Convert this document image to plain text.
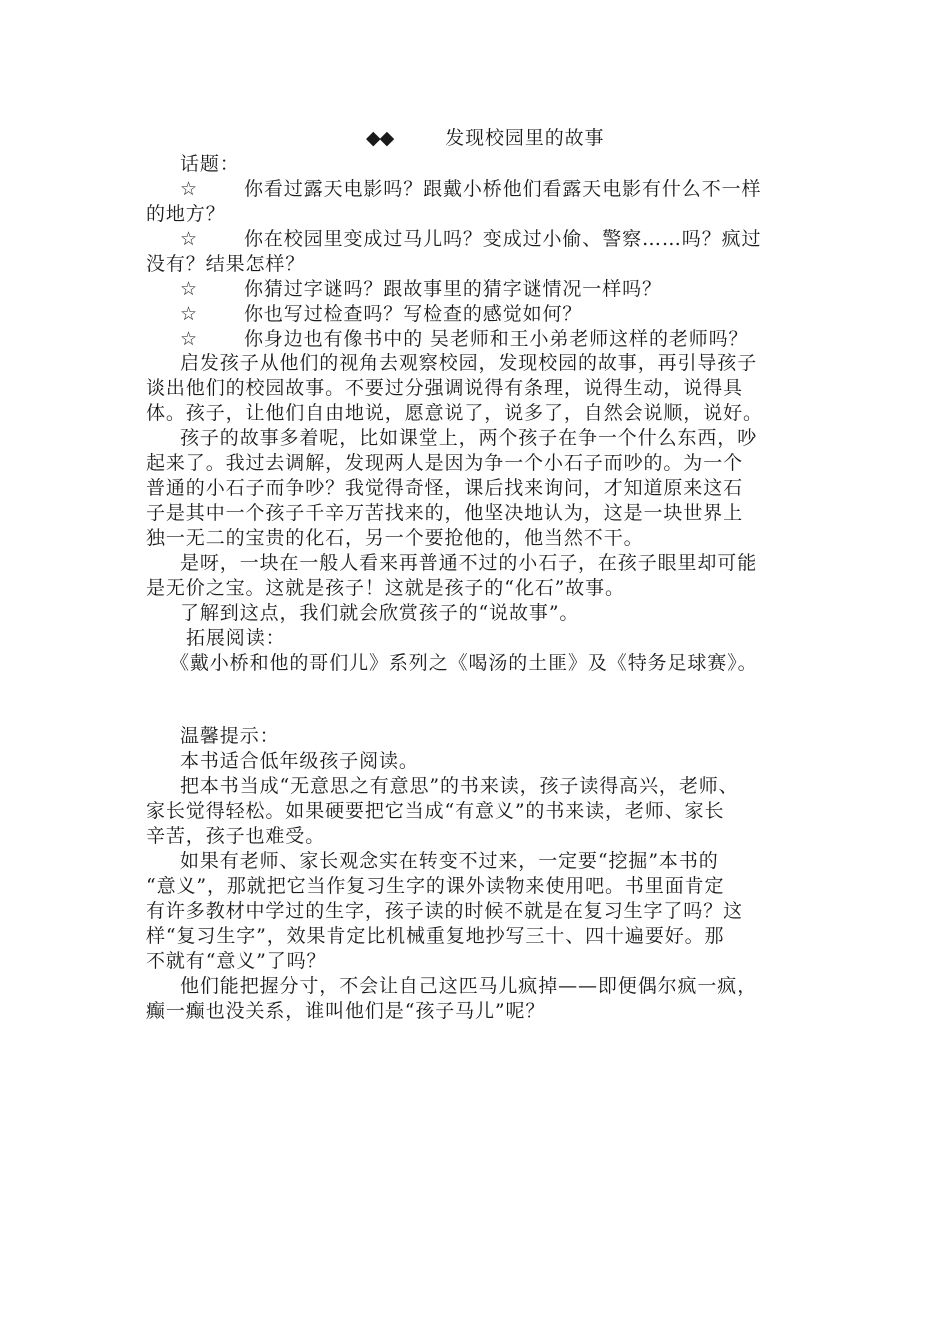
◆◆	发现校园里的故事
话题：
☆ 你看过露天电影吗？跟戴小桥他们看露天电影有什么不一样
的地方？
☆ 你在校园里变成过马儿吗？变成过小偷、警察……吗？疯过
没有？结果怎样？
☆ 你猜过字谜吗？跟故事里的猜字谜情况一样吗？
☆ 你也写过检查吗？写检查的感觉如何？
☆ 你身边也有像书中的 吴老师和王小弟老师这样的老师吗？
启发孩子从他们的视角去观察校园，发现校园的故事，再引导孩子
谈出他们的校园故事。不要过分强调说得有条理，说得生动，说得具
体。孩子，让他们自由地说，愿意说了，说多了，自然会说顺，说好。
孩子的故事多着呢，比如课堂上，两个孩子在争一个什么东西，吵
起来了。我过去调解，发现两人是因为争一个小石子而吵的。为一个
普通的小石子而争吵？我觉得奇怪，课后找来询问，才知道原来这石
子是其中一个孩子千辛万苦找来的，他坚决地认为，这是一块世界上
独一无二的宝贵的化石，另一个要抢他的，他当然不干。
是呀，一块在一般人看来再普通不过的小石子，在孩子眼里却可能
是无价之宝。这就是孩子！这就是孩子的“化石”故事。
了解到这点，我们就会欣赏孩子的“说故事”。
拓展阅读：
《戴小桥和他的哥们儿》系列之《喝汤的土匪》及《特务足球赛》。
温馨提示：
本书适合低年级孩子阅读。
把本书当成“无意思之有意思”的书来读，孩子读得高兴，老师、
家长觉得轻松。如果硬要把它当成“有意义”的书来读，老师、家长
辛苦，孩子也难受。
如果有老师、家长观念实在转变不过来，一定要“挖掘”本书的
“意义”，那就把它当作复习生字的课外读物来使用吧。书里面肯定
有许多教材中学过的生字，孩子读的时候不就是在复习生字了吗？这
样“复习生字”，效果肯定比机械重复地抄写三十、四十遍要好。那
不就有“意义”了吗？
他们能把握分寸，不会让自己这匹马儿疯掉——即便偶尔疯一疯，
癫一癫也没关系，谁叫他们是“孩子马儿”呢？
